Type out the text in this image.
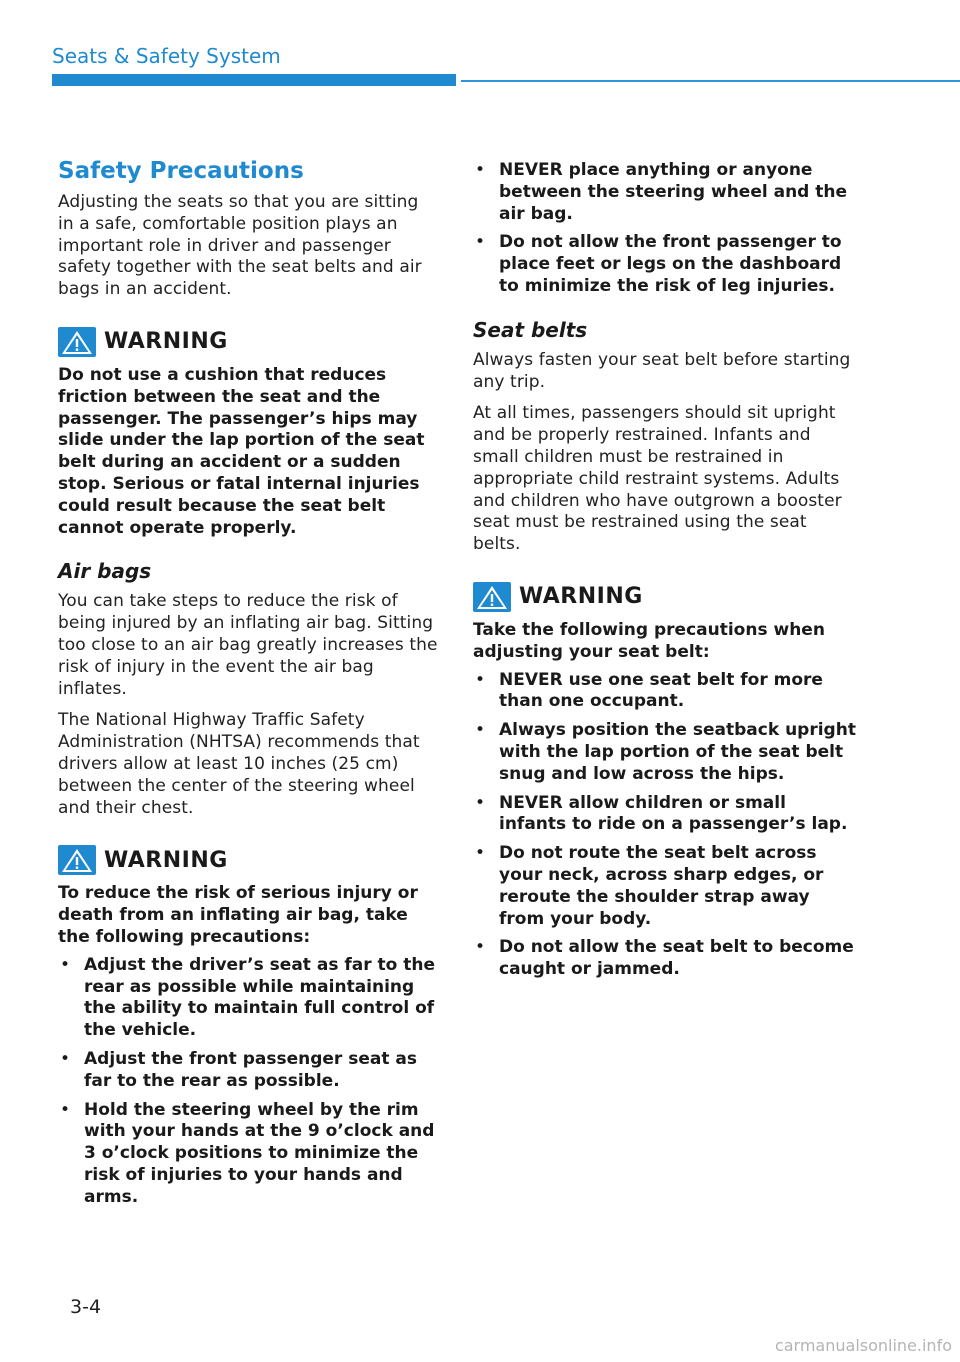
Seats & Safety System
Safety Precautions

Adjusting the seats so that you are sitting in a safe, comfortable position plays an important role in driver and passenger safety together with the seat belts and air bags in an accident.

WARNING

Do not use a cushion that reduces friction between the seat and the passenger. The passenger’s hips may slide under the lap portion of the seat belt during an accident or a sudden stop. Serious or fatal internal injuries could result because the seat belt cannot operate properly.

Air bags

You can take steps to reduce the risk of being injured by an inflating air bag. Sitting too close to an air bag greatly increases the risk of injury in the event the air bag inflates.

The National Highway Traffic Safety Administration (NHTSA) recommends that drivers allow at least 10 inches (25 cm) between the center of the steering wheel and their chest.

WARNING

To reduce the risk of serious injury or death from an inflating air bag, take the following precautions:

• Adjust the driver’s seat as far to the rear as possible while maintaining the ability to maintain full control of the vehicle.
• Adjust the front passenger seat as far to the rear as possible.
• Hold the steering wheel by the rim with your hands at the 9 o’clock and 3 o’clock positions to minimize the risk of injuries to your hands and arms.
• NEVER place anything or anyone between the steering wheel and the air bag.
• Do not allow the front passenger to place feet or legs on the dashboard to minimize the risk of leg injuries.
Seat belts

Always fasten your seat belt before starting any trip.

At all times, passengers should sit upright and be properly restrained. Infants and small children must be restrained in appropriate child restraint systems. Adults and children who have outgrown a booster seat must be restrained using the seat belts.

WARNING

Take the following precautions when adjusting your seat belt:

• NEVER use one seat belt for more than one occupant.
• Always position the seatback upright with the lap portion of the seat belt snug and low across the hips.
• NEVER allow children or small infants to ride on a passenger’s lap.
• Do not route the seat belt across your neck, across sharp edges, or reroute the shoulder strap away from your body.
• Do not allow the seat belt to become caught or jammed.
3-4
carmanualsonline.info
